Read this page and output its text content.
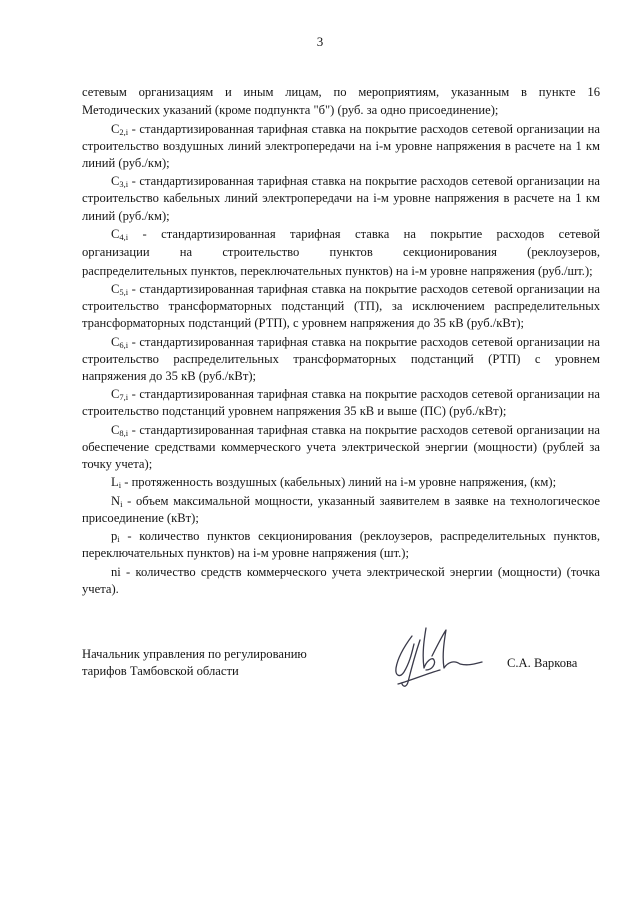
3

сетевым организациям и иным лицам, по мероприятиям, указанным в пункте 16

Методических указаний (кроме подпункта "б") (руб. за одно присоединение);

$С_{2,i}$ - стандартизированная тарифная ставка на покрытие расходов сетевой организации на строительство воздушных линий электропередачи на i-м уровне напряжения в расчете на 1 км линий (руб./км);

$С_{3,i}$ - стандартизированная тарифная ставка на покрытие расходов сетевой организации на строительство кабельных линий электропередачи на i-м уровне напряжения в расчете на 1 км линий (руб./км);

$С_{4,i}$ - стандартизированная тарифная ставка на покрытие расходов сетевой

организации на строительство пунктов секционирования (реклоузеров,

распределительных пунктов, переключательных пунктов) на i-м уровне напряжения (руб./шт.);

$С_{5,i}$ - стандартизированная тарифная ставка на покрытие расходов сетевой организации на строительство трансформаторных подстанций (ТП), за исключением распределительных трансформаторных подстанций (РТП), с уровнем напряжения до 35 кВ (руб./кВт);

$С_{6,i}$ - стандартизированная тарифная ставка на покрытие расходов сетевой организации на строительство распределительных трансформаторных подстанций (РТП) с уровнем напряжения до 35 кВ (руб./кВт);

$С_{7,i}$ - стандартизированная тарифная ставка на покрытие расходов сетевой организации на строительство подстанций уровнем напряжения 35 кВ и выше (ПС) (руб./кВт);

$С_{8,i}$ - стандартизированная тарифная ставка на покрытие расходов сетевой организации на обеспечение средствами коммерческого учета электрической энергии (мощности) (рублей за точку учета);

$L_i$ - протяженность воздушных (кабельных) линий на i-м уровне напряжения, (км);

$N_i$ - объем максимальной мощности, указанный заявителем в заявке на технологическое присоединение (кВт);

$p_i$ - количество пунктов секционирования (реклоузеров, распределительных пунктов, переключательных пунктов) на i-м уровне напряжения (шт.);

ni - количество средств коммерческого учета электрической энергии (мощности) (точка учета).

Начальник управления по регулированию
тарифов Тамбовской области
С.А. Варкова
